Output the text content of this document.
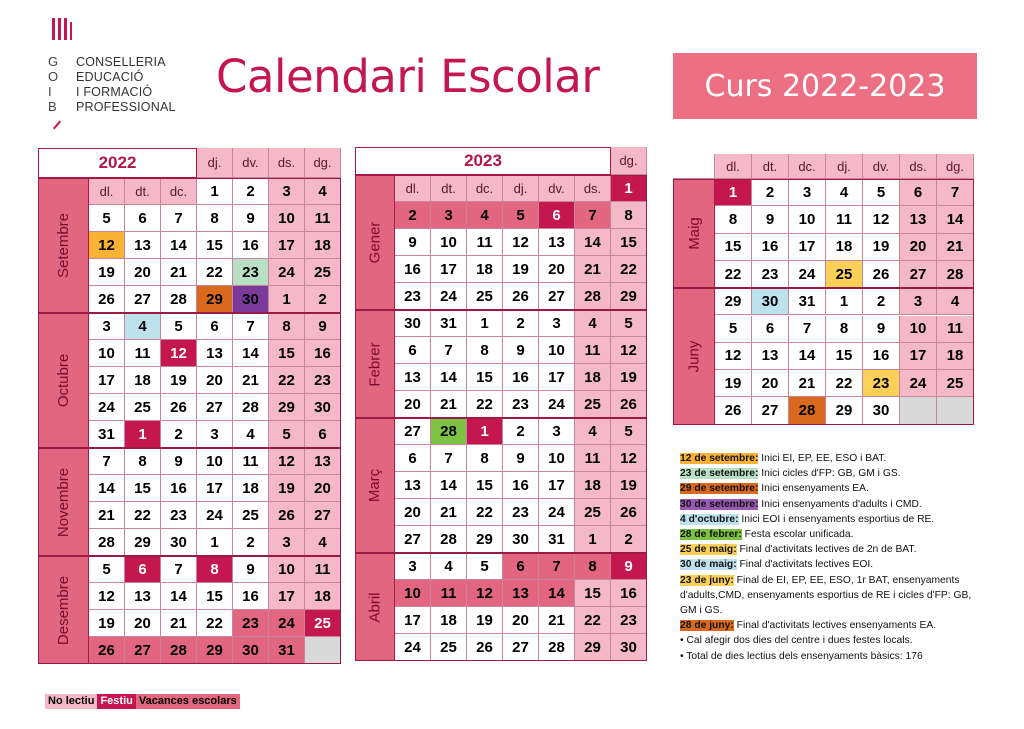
G
O
I
B
CONSELLERIA
EDUCACIÓ
I FORMACIÓ
PROFESSIONAL
Calendari Escolar	Curs 2022-2023
2022	dj.	dv.	ds.	dg.
dl.	dt.	dc.	1	2	3	4
5	6	7	8	9	10	11
12	13	14	15	16	17	18
19	20	21	22	23	24	25
26	27	28	29	30	1	2
Setembre
3	4	5	6	7	8	9
10	11	12	13	14	15	16
17	18	19	20	21	22	23
24	25	26	27	28	29	30
31	1	2	3	4	5	6
Octubre
7	8	9	10	11	12	13
14	15	16	17	18	19	20
21	22	23	24	25	26	27
28	29	30	1	2	3	4
Novembre
5	6	7	8	9	10	11
12	13	14	15	16	17	18
19	20	21	22	23	24	25
26	27	28	29	30	31
Desembre
2023	dg.
dl.	dt.	dc.	dj.	dv.	ds.	1
2	3	4	5	6	7	8
9	10	11	12	13	14	15
16	17	18	19	20	21	22
23	24	25	26	27	28	29
Gener
30	31	1	2	3	4	5
6	7	8	9	10	11	12
13	14	15	16	17	18	19
20	21	22	23	24	25	26
Febrer
27	28	1	2	3	4	5
6	7	8	9	10	11	12
13	14	15	16	17	18	19
20	21	22	23	24	25	26
27	28	29	30	31	1	2
Març
3	4	5	6	7	8	9
10	11	12	13	14	15	16
17	18	19	20	21	22	23
24	25	26	27	28	29	30
Abril
dl.	dt.	dc.	dj.	dv.	ds.	dg.
1	2	3	4	5	6	7
8	9	10	11	12	13	14
15	16	17	18	19	20	21
22	23	24	25	26	27	28
Maig
29	30	31	1	2	3	4
5	6	7	8	9	10	11
12	13	14	15	16	17	18
19	20	21	22	23	24	25
26	27	28	29	30
Juny
12 de setembre: Inici EI, EP, EE, ESO i BAT.
23 de setembre: Inici cicles d'FP: GB, GM i GS.
29 de setembre: Inici ensenyaments EA.
30 de setembre: Inici ensenyaments d'adults i CMD.
4 d'octubre: Inici EOI i ensenyaments esportius de RE.
28 de febrer: Festa escolar unificada.
25 de maig: Final d'activitats lectives de 2n de BAT.
30 de maig: Final d'activitats lectives EOI.
23 de juny: Final de EI, EP, EE, ESO, 1r BAT, ensenyaments d'adults,CMD, ensenyaments esportius de RE i cicles d'FP: GB, GM i GS.
28 de juny: Final d'activitats lectives ensenyaments EA.
• Cal afegir dos dies del centre i dues festes locals.
• Total de dies lectius dels ensenyaments bàsics: 176
No lectiu Festiu Vacances escolars
